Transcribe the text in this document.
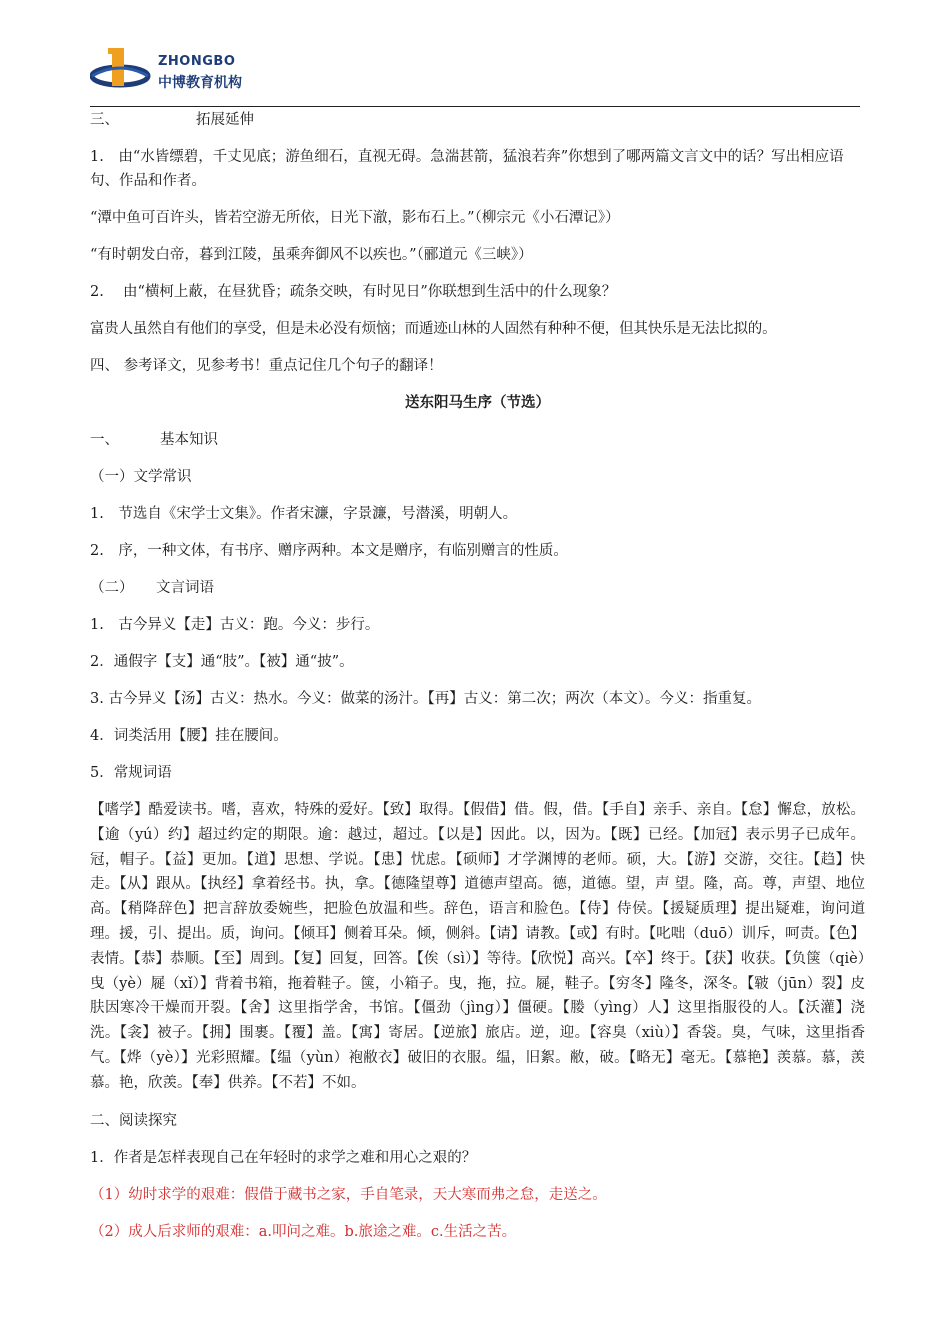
ZHONGBO
中博教育机构

三、	拓展延伸

1.　由“水皆缥碧，千丈见底；游鱼细石，直视无碍。急湍甚箭，猛浪若奔”你想到了哪两篇文言文中的话？写出相应语句、作品和作者。

“潭中鱼可百许头，皆若空游无所依，日光下澈，影布石上。”（柳宗元《小石潭记》）

“有时朝发白帝，暮到江陵，虽乘奔御风不以疾也。”（郦道元《三峡》）

2.　 由“横柯上蔽，在昼犹昏；疏条交映，有时见日”你联想到生活中的什么现象？

富贵人虽然自有他们的享受，但是未必没有烦恼；而遁迹山林的人固然有种种不便，但其快乐是无法比拟的。

四、 参考译文，见参考书！重点记住几个句子的翻译！

送东阳马生序（节选）

一、	基本知识

（一）文学常识

1.　节选自《宋学士文集》。作者宋濂，字景濂，号潜溪，明朝人。

2.　序，一种文体，有书序、赠序两种。本文是赠序，有临别赠言的性质。

（二） 文言词语

1.　古今异义【走】古义：跑。今义：步行。

2．通假字【支】通“肢”。【被】通“披”。

3. 古今异义【汤】古义：热水。今义：做菜的汤汁。【再】古义：第二次；两次（本文）。今义：指重复。

4．词类活用【腰】挂在腰间。

5．常规词语

【嗜学】酷爱读书。嗜，喜欢，特殊的爱好。【致】取得。【假借】借。假，借。【手自】亲手、亲自。【怠】懈怠，放松。【逾（yú）约】超过约定的期限。逾：越过，超过。【以是】因此。以，因为。【既】已经。【加冠】表示男子已成年。冠，帽子。【益】更加。【道】思想、学说。【患】忧虑。【硕师】才学渊博的老师。硕，大。【游】交游，交往。【趋】快走。【从】跟从。【执经】拿着经书。执，拿。【德隆望尊】道德声望高。德，道德。望，声 望。隆，高。尊，声望、地位高。【稍降辞色】把言辞放委婉些，把脸色放温和些。辞色，语言和脸色。【侍】侍侯。【援疑质理】提出疑难，询问道理。援，引、提出。质，询问。【倾耳】侧着耳朵。倾，侧斜。【请】请教。【或】有时。【叱咄（duō）训斥，呵责。【色】表情。【恭】恭顺。【至】周到。【复】回复，回答。【俟（sì）】等待。【欣悦】高兴。【卒】终于。【获】收获。【负箧（qiè）曳（yè）屣（xǐ）】背着书箱，拖着鞋子。箧，小箱子。曳，拖，拉。屣，鞋子。【穷冬】隆冬，深冬。【皲（jūn）裂】皮肤因寒冷干燥而开裂。【舍】这里指学舍，书馆。【僵劲（jìng）】僵硬。【媵（yìng）人】这里指服役的人。【沃灌】浇洗。【衾】被子。【拥】围裹。【覆】盖。【寓】寄居。【逆旅】旅店。逆，迎。【容臭（xiù）】香袋。臭，气味，这里指香气。【烨（yè）】光彩照耀。【缊（yùn）袍敝衣】破旧的衣服。缊，旧絮。敝，破。【略无】毫无。【慕艳】羡慕。慕，羡慕。艳，欣羡。【奉】供养。【不若】不如。

二、阅读探究

1．作者是怎样表现自己在年轻时的求学之难和用心之艰的？

（1）幼时求学的艰难：假借于藏书之家，手自笔录，天大寒而弗之怠，走送之。

（2）成人后求师的艰难：a.叩问之难。b.旅途之难。c.生活之苦。
